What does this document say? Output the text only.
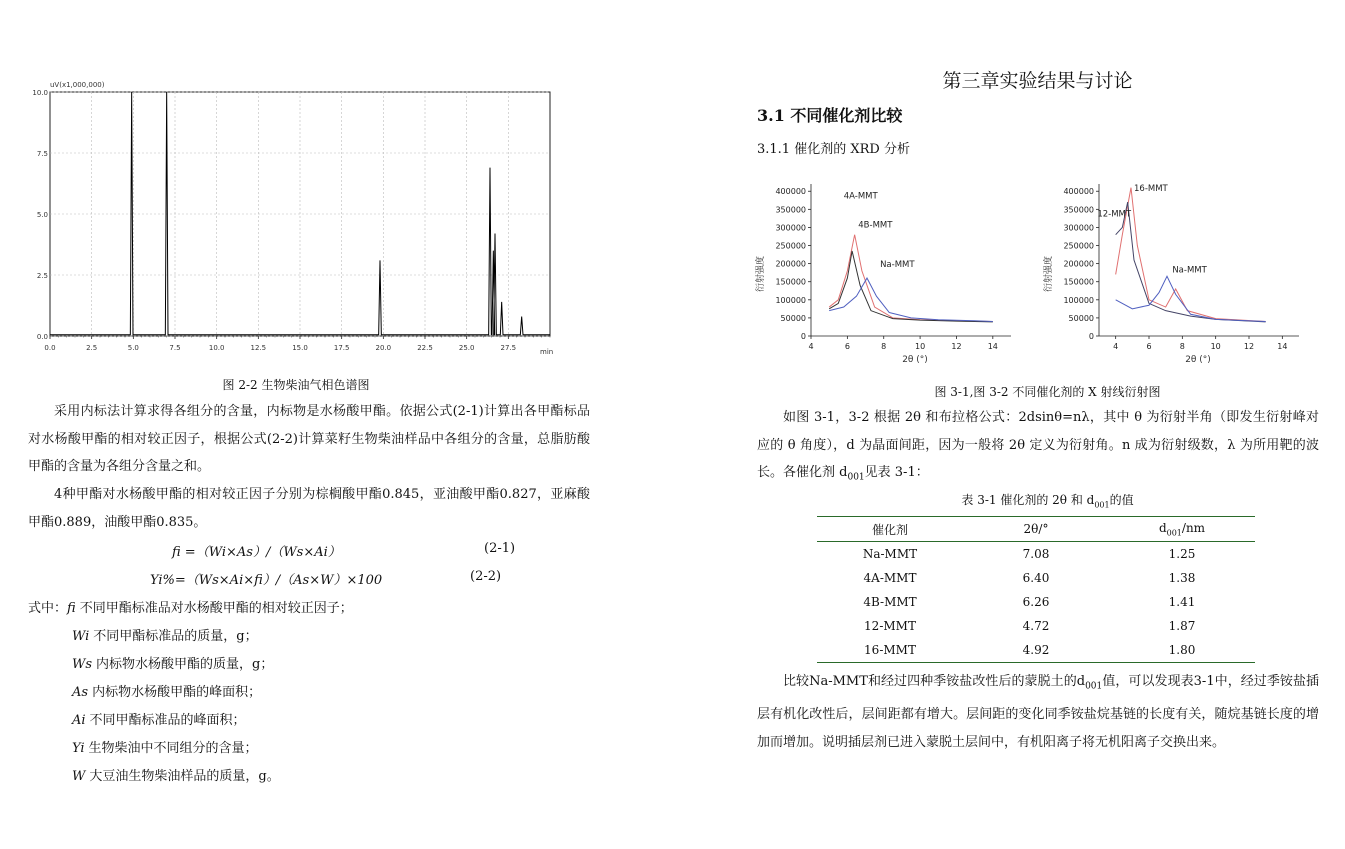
uV(x1,000,000)
0.0
2.5
5.0
7.5
10.0
0.0	2.5	5.0	7.5	10.0	12.5	15.0	17.5	20.0	22.5	25.0	27.5	min
图 2-2 生物柴油气相色谱图
采用内标法计算求得各组分的含量，内标物是水杨酸甲酯。依据公式(2-1)计算出各甲酯标品对水杨酸甲酯的相对较正因子，根据公式(2-2)计算菜籽生物柴油样品中各组分的含量，总脂肪酸甲酯的含量为各组分含量之和。
4种甲酯对水杨酸甲酯的相对较正因子分别为棕榈酸甲酯0.845，亚油酸甲酯0.827，亚麻酸甲酯0.889，油酸甲酯0.835。
fi =（Wi×As）/（Ws×Ai）	(2-1)
Yi%=（Ws×Ai×fi）/（As×W）×100	(2-2)
式中：fi 不同甲酯标准品对水杨酸甲酯的相对较正因子；
Wi 不同甲酯标准品的质量，g；
Ws 内标物水杨酸甲酯的质量，g；
As 内标物水杨酸甲酯的峰面积；
Ai 不同甲酯标准品的峰面积；
Yi 生物柴油中不同组分的含量；
W 大豆油生物柴油样品的质量，g。
第三章实验结果与讨论
3.1 不同催化剂比较
3.1.1 催化剂的 XRD 分析
衍射强度
2θ (°)
0
50000
100000
150000
200000
250000
300000
350000
400000
4	6	8	10	12	14
4A-MMT
4B-MMT
Na-MMT	衍射强度
2θ (°)
0
50000
100000
150000
200000
250000
300000
350000
400000
4	6	8	10	12	14
16-MMT
12-MMT
Na-MMT
图 3-1,图 3-2 不同催化剂的 X 射线衍射图
如图 3-1，3-2 根据 2θ 和布拉格公式：2dsinθ=nλ，其中 θ 为衍射半角（即发生衍射峰对应的 θ 角度），d 为晶面间距，因为一般将 2θ 定义为衍射角。n 成为衍射级数，λ 为所用靶的波长。各催化剂 $d_{001}$见表 3-1：
表 3-1 催化剂的 2θ 和 $d_{001}$的值
催化剂	2θ/°	$d_{001}/nm$
Na-MMT	7.08	1.25
4A-MMT	6.40	1.38
4B-MMT	6.26	1.41
12-MMT	4.72	1.87
16-MMT	4.92	1.80
比较Na-MMT和经过四种季铵盐改性后的蒙脱土的$d_{001}$值，可以发现表3-1中，经过季铵盐插层有机化改性后，层间距都有增大。层间距的变化同季铵盐烷基链的长度有关，随烷基链长度的增加而增加。说明插层剂已进入蒙脱土层间中，有机阳离子将无机阳离子交换出来。
